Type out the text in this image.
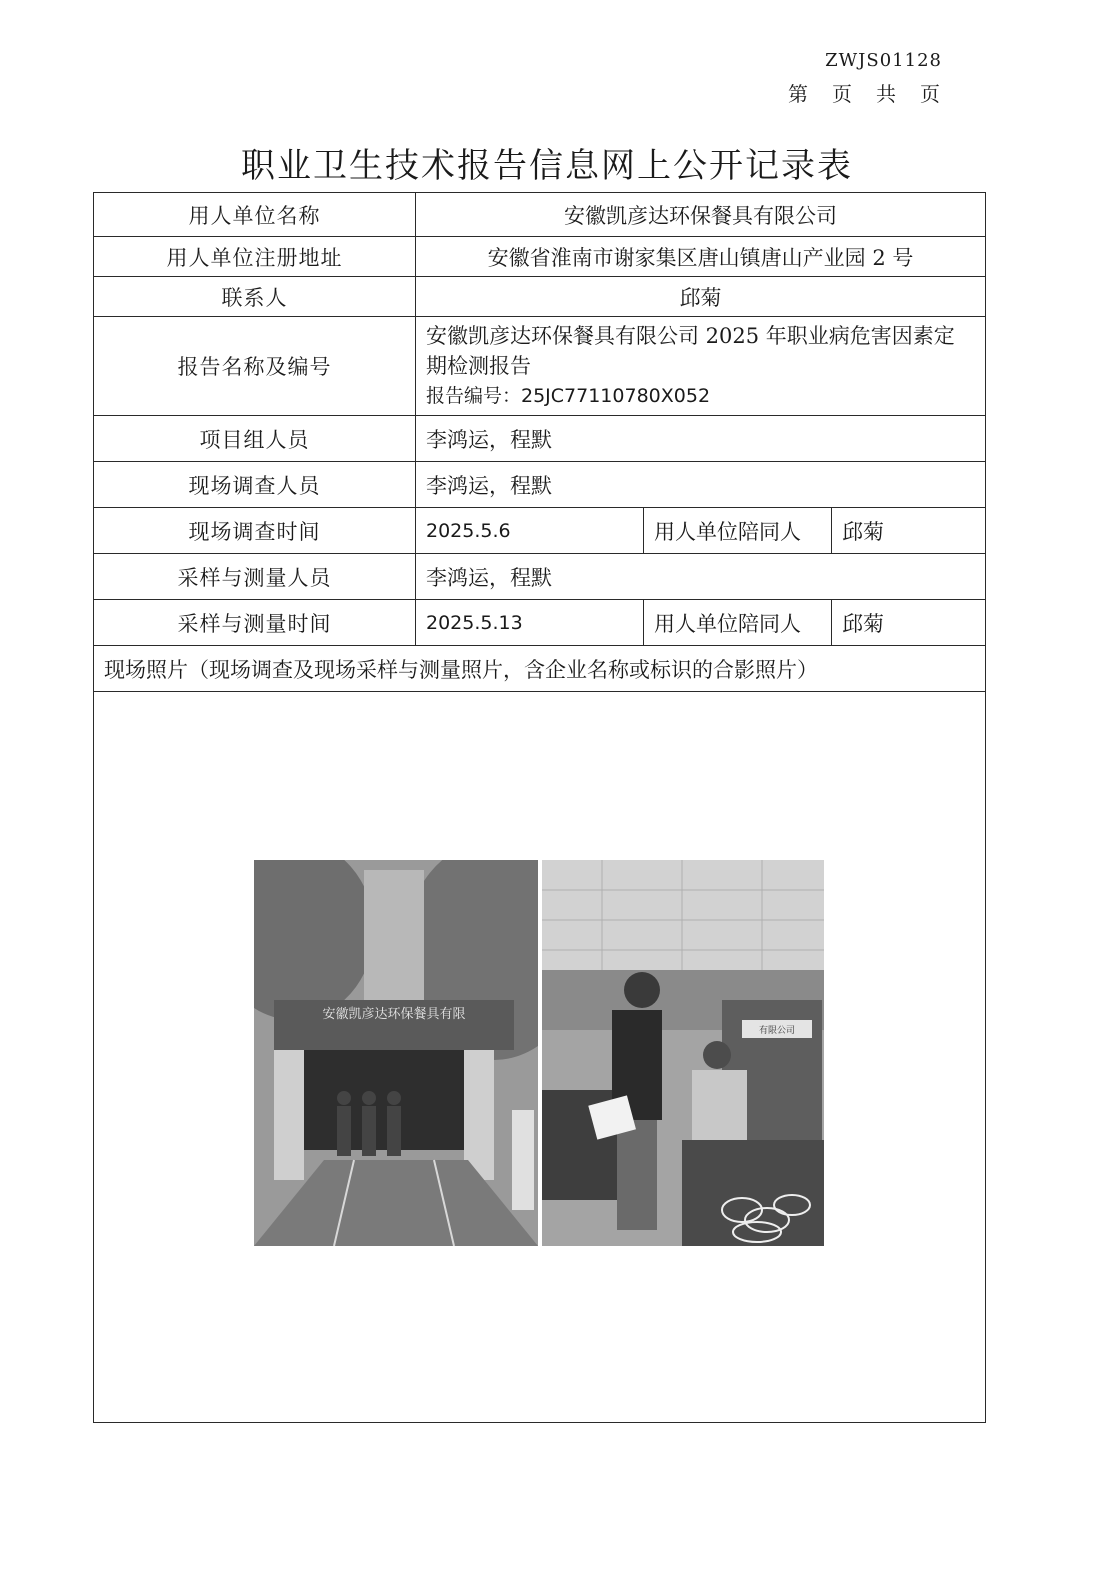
ZWJS01128
第 页 共 页
职业卫生技术报告信息网上公开记录表
用人单位名称	安徽凯彦达环保餐具有限公司		
用人单位注册地址	安徽省淮南市谢家集区唐山镇唐山产业园 2 号		
联系人	邱菊		
报告名称及编号	安徽凯彦达环保餐具有限公司 2025 年职业病危害因素定期检测报告
报告编号：25JC77110780X052		

项目组人员	李鸿运，程默		
现场调查人员	李鸿运，程默		
现场调查时间	2025.5.6	用人单位陪同人	邱菊
采样与测量人员	李鸿运，程默		
采样与测量时间	2025.5.13	用人单位陪同人	邱菊
现场照片（现场调查及现场采样与测量照片，含企业名称或标识的合影照片）			

安徽凯彦达环保餐具有限
有限公司			
